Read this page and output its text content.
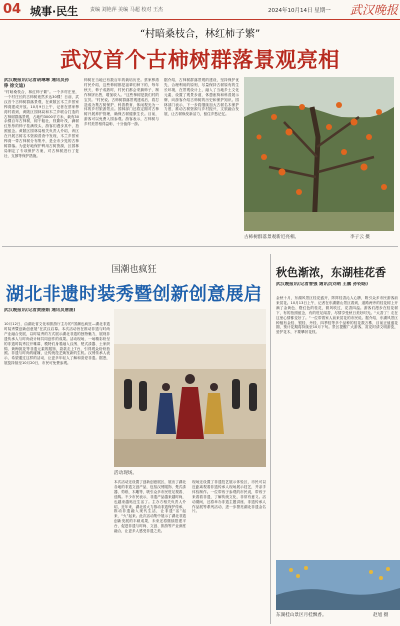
04 城事·民生 责编 刘艳萍 美编 马超 校对 王杰	2024年10月14日 星期一 武汉晚报
“村暗桑枝合，林红柿子繁”
武汉首个古柿树群落景观亮相
武汉晚报讯(记者胡琳琳 通讯员孙铮 徐文迪)
“村暗桑枝合，林红柿子繁”。一个多村庄里，一个村庄长的古柿树竟然多达30棵！日前，武汉首个古柿树群落景观，在黄陂区木兰乡蔡家榨湾建成开放。10月9日上午，记者在蔡家榨湾村看到，黄陂区园林局和木兰乡联合打造的古柿树群落景观，占地约3000平方米，栽有30余棵百年古柿树，树干粗壮，枝繁叶茂，满树红彤彤的柿子挂满枝头，游客们漫步其中，拍照留念。黄陂区园林局相关负责人介绍，该区在开展古树名木资源普查中发现，木兰乡蔡家榨湾一带古柿树分布集中，是全市少见的古柿树群落。为更好地保护利用古树资源，区园林局制定了专项保护方案，对古柿树进行了复壮、支撑等保护措施。
柿树在当地已有数百年的栽培历史。蔡家榨湾村民介绍，这些柿树都是祖辈们种下的，每年秋天，柿子成熟时，村民们都会采摘柿子，制作柿饼出售，增加收入。“这些柿树是我们村的宝贝。”村民说。古柿树群落景观建成后，将打造成为集古树保护、科普教育、休闲观光为一体的乡村旅游景点。园林部门还将定期对古柿树开展养护管理，确保古树健康生长。目前，游客可以免费入园参观。游客表示，古柿树与乡村美景相得益彰，十分值得一游。
据介绍，古柿树群落景观的建设，坚持保护优先、合理利用的原则，尽量保持古树原有的生长环境，在景观设计上，融入了当地乡土文化元素，设置了观景步道、休憩座椅和科普展示牌，向游客介绍古柿树的历史和保护知识。园林部门表示，下一步将继续加大古树名木保护力度，推动古树资源与乡村振兴、文旅融合发展，让古树焕发新活力，留住乡愁记忆。
古柿树群落景观新近亮相。	李子云 摄
国潮也疯狂
湖北非遗时装秀暨创新创意展启
武汉晚报讯(记者黄丽娟 通讯员唐涵)
10月12日，由湖北省文化和旅游厅主办的“国潮也疯狂—湖北非遗时装秀暨创新创意展”在武汉启幕。本次活动旨在推动非遗与时尚产业融合发展，以时装秀的方式展示湖北非遗的独特魅力，展现非遗传承人与时尚设计师共同创作的成果。活动现场，一场精彩纷呈的非遗时装秀拉开帷幕，模特们身着融入汉绣、楚式漆器、土家织锦、黄梅挑花等非遗元素的服饰，款款走上T台，引得观众纷纷拍照。非遗与时尚的碰撞，让传统技艺焕发新的生机。汉绣传承人表示，希望通过这样的活动，让更多年轻人了解和喜爱非遗。据悉，展览持续至10月20日，市民可免费参观。
活动现场。
本次活动还设置了创新创意展区，展出了湖北各地的非遗文创产品，包括汉绣服饰、楚式漆器、剪纸、木雕等，吸引众多市民驻足观看、选购。不少市民表示，非遗产品越来越时尚，也越来越贴近生活了。主办方相关负责人介绍，近年来，湖北省大力推动非遗保护传承，推动非遗融入现代生活，让非遗“活”起来、“火”起来。此次活动集中展示了湖北非遗创新发展的丰硕成果，未来还将继续搭建平台，促进非遗与时尚、文创、旅游等产业深度融合，让更多人感受非遗之美。
现场还设置了非遗技艺展示体验区，市民可以近距离观看非遗传承人现场展示技艺，并亲手体验制作。一位带孩子参观的市民说，带孩子来看看非遗，了解传统文化，非常有意义。活动期间，还将举办非遗主题讲座、非遗传承人作品展等系列活动，进一步擦亮湖北非遗金名片。
秋色渐浓，东湖桂花香
武汉晚报讯(记者曾强 通讯员刘萌 王鹏 孙钧旸)
金秋十月，东湖风景区桂花盛开，阵阵桂香沁人心脾，吸引众多市民游客前来赏花。10月13日上午，记者在东湖磨山景区看到，道路两旁的桂花树上开满了金黄色、橙红色的桂花，微风吹过，花香四溢。游客们漫步在桂花树下，有的拍照留念，有的驻足闻香，尽情享受秋日美好时光。“太香了！走在这里心情都变好了。”一位带着家人前来赏花的市民说。据介绍，东湖风景区种植有金桂、银桂、丹桂、四季桂等多个品种的桂花数万株，目前正值盛花期，预计花期将持续至10月下旬。景区提醒广大游客，赏花时请文明游览，爱护花木，不要攀折花枝。
东湖桂山景区月桂飘香。	赵旭 摄
